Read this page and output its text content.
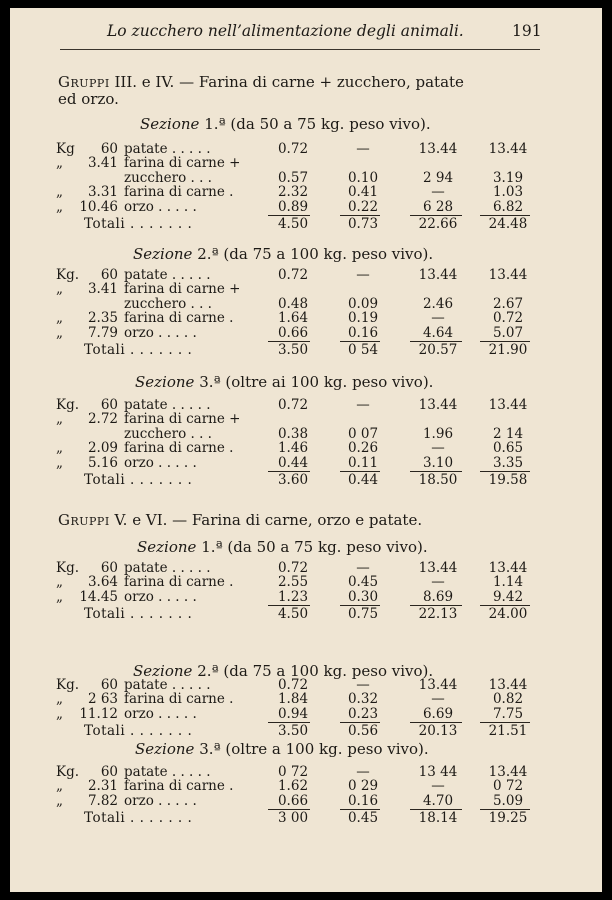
Lo zucchero nell’alimentazione degli animali.	191
Gruppi III. e IV. — Farina di carne + zucchero, patate
ed orzo.
Gruppi V. e VI. — Farina di carne, orzo e patate.
Sezione 1.ª (da 50 a 75 kg. peso vivo).
Kg	60 patate . . . . .	0.72	—	13.44	13.44
„	3.41 farina di carne +
zucchero . . .	0.57	0.10	2 94	3.19
„	3.31 farina di carne .	2.32	0.41	—	1.03
„	10.46 orzo . . . . .	0.89	0.22	6 28	6.82
Totali . . . . . . .	4.50	0.73	22.66	24.48
Sezione 2.ª (da 75 a 100 kg. peso vivo).
Kg.	60 patate . . . . .	0.72	—	13.44	13.44
„	3.41 farina di carne +
zucchero . . .	0.48	0.09	2.46	2.67
„	2.35 farina di carne .	1.64	0.19	—	0.72
„	7.79 orzo . . . . .	0.66	0.16	4.64	5.07
Totali . . . . . . .	3.50	0 54	20.57	21.90
Sezione 3.ª (oltre ai 100 kg. peso vivo).
Kg.	60 patate . . . . .	0.72	—	13.44	13.44
„	2.72 farina di carne +
zucchero . . .	0.38	0 07	1.96	2 14
„	2.09 farina di carne .	1.46	0.26	—	0.65
„	5.16 orzo . . . . .	0.44	0.11	3.10	3.35
Totali . . . . . . .	3.60	0.44	18.50	19.58
Sezione 1.ª (da 50 a 75 kg. peso vivo).
Kg.	60 patate . . . . .	0.72	—	13.44	13.44
„	3.64 farina di carne .	2.55	0.45	—	1.14
„	14.45 orzo . . . . .	1.23	0.30	8.69	9.42
Totali . . . . . . .	4.50	0.75	22.13	24.00
Sezione 2.ª (da 75 a 100 kg. peso vivo).
Kg.	60 patate . . . . .	0.72	—	13.44	13.44
„	2 63 farina di carne .	1.84	0.32	—	0.82
„	11.12 orzo . . . . .	0.94	0.23	6.69	7.75
Totali . . . . . . .	3.50	0.56	20.13	21.51
Sezione 3.ª (oltre a 100 kg. peso vivo).
Kg.	60 patate . . . . .	0 72	—	13 44	13.44
„	2.31 farina di carne .	1.62	0 29	—	0 72
„	7.82 orzo . . . . .	0.66	0.16	4.70	5.09
Totali . . . . . . .	3 00	0.45	18.14	19.25
